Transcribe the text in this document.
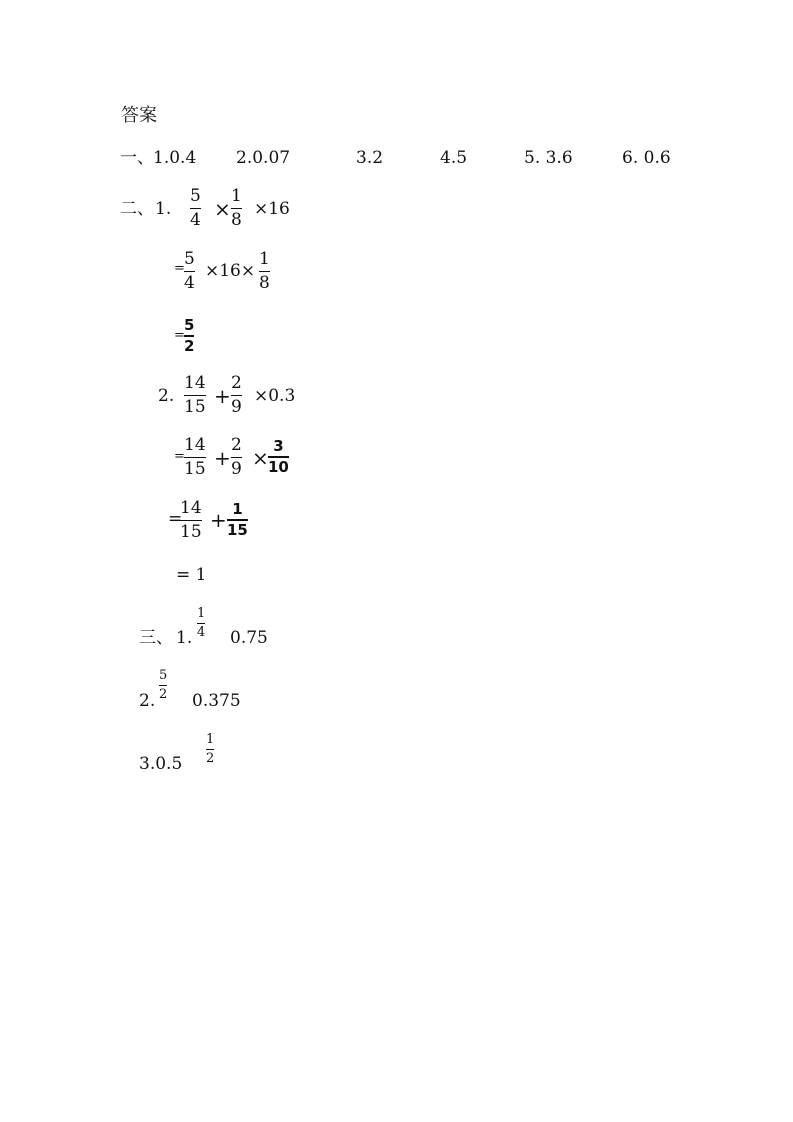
答案
一、 1.0.4 2.0.07	3.2	4.5	5. 3.6	6. 0.6
二、 1.
5
4 ×
1
8
×16
= 5
4
×16×
1
8
=
5
2
2.
14
15 +
2
9
×0.3
=
14
15 +
2
9 × 3
10
=
14
15 + 1
15
= 1
三、 1.
1
4 0.75
2.
5
2 0.375
3.0.5
1
2
